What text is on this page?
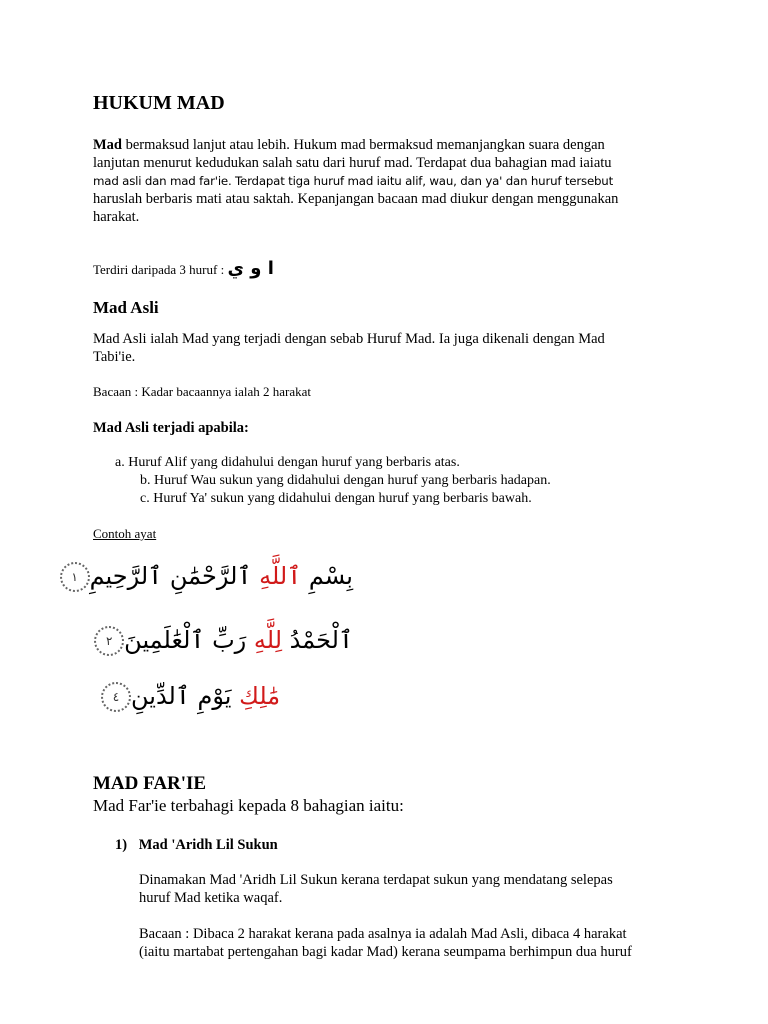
HUKUM MAD
Mad bermaksud lanjut atau lebih. Hukum mad bermaksud memanjangkan suara dengan
lanjutan menurut kedudukan salah satu dari huruf mad. Terdapat dua bahagian mad iaiatu
mad asli dan mad far'ie. Terdapat tiga huruf mad iaitu alif, wau, dan ya' dan huruf tersebut
haruslah berbaris mati atau saktah. Kepanjangan bacaan mad diukur dengan menggunakan
harakat.
Terdiri daripada 3 huruf : ا و ي
Mad Asli
Mad Asli ialah Mad yang terjadi dengan sebab Huruf Mad. Ia juga dikenali dengan Mad
Tabi'ie.
Bacaan : Kadar bacaannya ialah 2 harakat
Mad Asli terjadi apabila:
a. Huruf Alif yang didahului dengan huruf yang berbaris atas.
b. Huruf Wau sukun yang didahului dengan huruf yang berbaris hadapan.
c. Huruf Ya' sukun yang didahului dengan huruf yang berbaris bawah.
Contoh ayat
بِسْمِ ٱللَّهِ ٱلرَّحْمَٰنِ ٱلرَّحِيمِ١
ٱلْحَمْدُ لِلَّهِ رَبِّ ٱلْعَٰلَمِينَ٢
مَٰلِكِ يَوْمِ ٱلدِّينِ٤
MAD FAR'IE
Mad Far'ie terbahagi kepada 8 bahagian iaitu:
1) Mad 'Aridh Lil Sukun
Dinamakan Mad 'Aridh Lil Sukun kerana terdapat sukun yang mendatang selepas
huruf Mad ketika waqaf.
Bacaan : Dibaca 2 harakat kerana pada asalnya ia adalah Mad Asli, dibaca 4 harakat
(iaitu martabat pertengahan bagi kadar Mad) kerana seumpama berhimpun dua huruf
